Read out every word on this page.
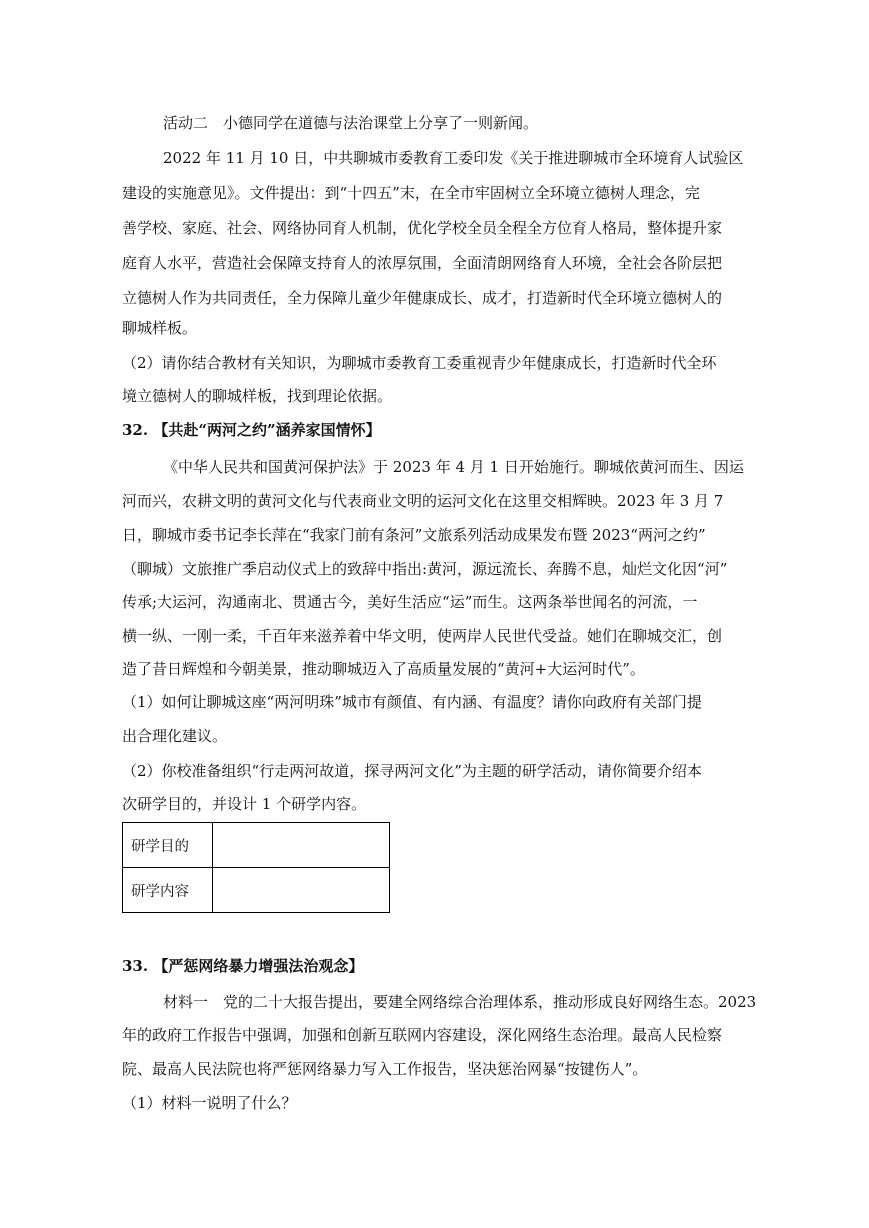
活动二　小德同学在道德与法治课堂上分享了一则新闻。

2022 年 11 月 10 日，中共聊城市委教育工委印发《关于推进聊城市全环境育人试验区

建设的实施意见》。文件提出：到“十四五”末，在全市牢固树立全环境立德树人理念，完

善学校、家庭、社会、网络协同育人机制，优化学校全员全程全方位育人格局，整体提升家

庭育人水平，营造社会保障支持育人的浓厚氛围，全面清朗网络育人环境，全社会各阶层把

立德树人作为共同责任，全力保障儿童少年健康成长、成才，打造新时代全环境立德树人的

聊城样板。

（2）请你结合教材有关知识，为聊城市委教育工委重视青少年健康成长，打造新时代全环

境立德树人的聊城样板，找到理论依据。

32. 【共赴“两河之约”涵养家国情怀】

《中华人民共和国黄河保护法》于 2023 年 4 月 1 日开始施行。聊城依黄河而生、因运

河而兴，农耕文明的黄河文化与代表商业文明的运河文化在这里交相辉映。2023 年 3 月 7

日，聊城市委书记李长萍在“我家门前有条河”文旅系列活动成果发布暨 2023“两河之约”

（聊城）文旅推广季启动仪式上的致辞中指出:黄河，源远流长、奔腾不息，灿烂文化因“河”

传承;大运河，沟通南北、贯通古今，美好生活应“运”而生。这两条举世闻名的河流，一

横一纵、一刚一柔，千百年来滋养着中华文明，使两岸人民世代受益。她们在聊城交汇，创

造了昔日辉煌和今朝美景，推动聊城迈入了高质量发展的“黄河+大运河时代”。

（1）如何让聊城这座“两河明珠”城市有颜值、有内涵、有温度？请你向政府有关部门提

出合理化建议。

（2）你校准备组织“行走两河故道，探寻两河文化”为主题的研学活动，请你简要介绍本

次研学目的，并设计 1 个研学内容。

研学目的	
研学内容	

33. 【严惩网络暴力增强法治观念】

材料一　党的二十大报告提出，要建全网络综合治理体系，推动形成良好网络生态。2023

年的政府工作报告中强调，加强和创新互联网内容建设，深化网络生态治理。最高人民检察

院、最高人民法院也将严惩网络暴力写入工作报告，坚决惩治网暴“按键伤人”。

（1）材料一说明了什么？
